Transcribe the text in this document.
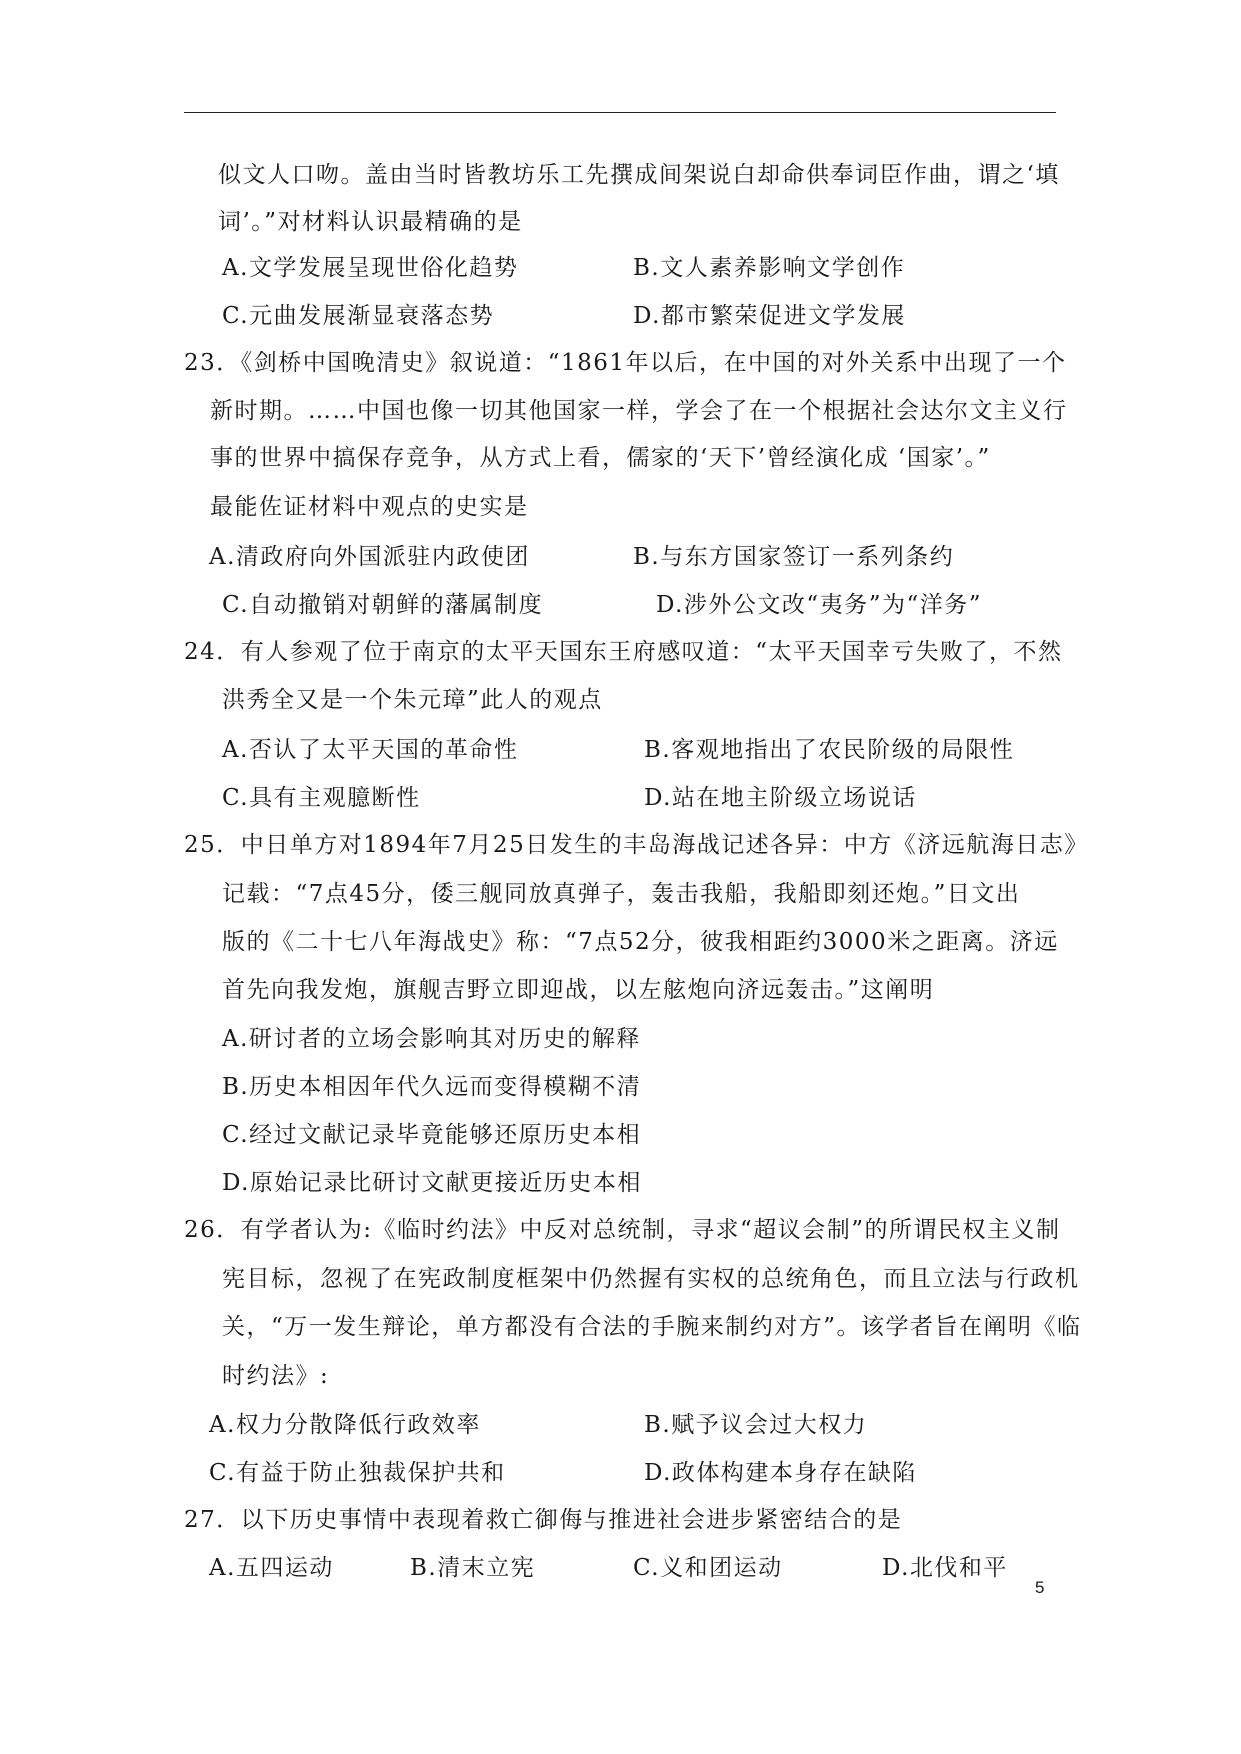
似文人口吻。盖由当时皆教坊乐工先撰成间架说白却命供奉词臣作曲，谓之‘填
词’。”对材料认识最精确的是
A.文学发展呈现世俗化趋势	B.文人素养影响文学创作
C.元曲发展渐显衰落态势	D.都市繁荣促进文学发展
23．《剑桥中国晚清史》叙说道：“1861年以后，在中国的对外关系中出现了一个
新时期。……中国也像一切其他国家一样，学会了在一个根据社会达尔文主义行
事的世界中搞保存竞争，从方式上看，儒家的‘天下’曾经演化成 ‘国家’。”
最能佐证材料中观点的史实是
A.清政府向外国派驻内政使团	B.与东方国家签订一系列条约
C.自动撤销对朝鲜的藩属制度	D.涉外公文改“夷务”为“洋务”
24．有人参观了位于南京的太平天国东王府感叹道：“太平天国幸亏失败了，不然
洪秀全又是一个朱元璋”此人的观点
A.否认了太平天国的革命性	B.客观地指出了农民阶级的局限性
C.具有主观臆断性	D.站在地主阶级立场说话
25．中日单方对1894年7月25日发生的丰岛海战记述各异：中方《济远航海日志》
记载：“7点45分，倭三舰同放真弹子，轰击我船，我船即刻还炮。”日文出
版的《二十七八年海战史》称：“7点52分，彼我相距约3000米之距离。济远
首先向我发炮，旗舰吉野立即迎战，以左舷炮向济远轰击。”这阐明
A.研讨者的立场会影响其对历史的解释
B.历史本相因年代久远而变得模糊不清
C.经过文献记录毕竟能够还原历史本相
D.原始记录比研讨文献更接近历史本相
26．有学者认为:《临时约法》中反对总统制，寻求“超议会制”的所谓民权主义制
宪目标，忽视了在宪政制度框架中仍然握有实权的总统角色，而且立法与行政机
关，“万一发生辩论，单方都没有合法的手腕来制约对方”。该学者旨在阐明《临
时约法》:
A.权力分散降低行政效率	B.赋予议会过大权力
C.有益于防止独裁保护共和	D.政体构建本身存在缺陷
27．以下历史事情中表现着救亡御侮与推进社会进步紧密结合的是
A.五四运动	B.清末立宪	C.义和团运动	D.北伐和平
5
